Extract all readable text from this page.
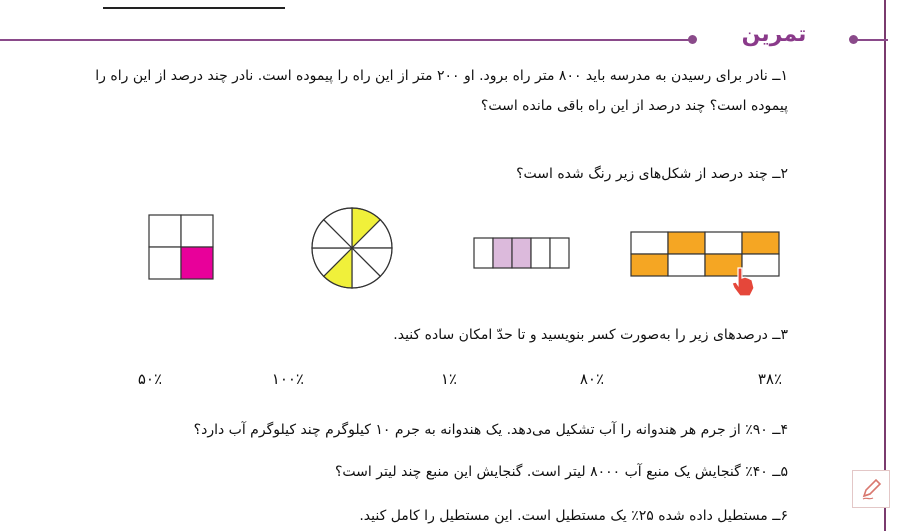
تمرین
۱ــ نادر برای رسیدن به مدرسه باید ۸۰۰ متر راه برود. او ۲۰۰ متر از این راه را پیموده است. نادر چند درصد از این راه را
پیموده است؟ چند درصد از این راه باقی مانده است؟
۲ــ چند درصد از شکل‌های زیر رنگ شده است؟
۳ــ درصدهای زیر را به‌صورت کسر بنویسید و تا حدّ امکان ساده کنید.
۳۸٪
۸۰٪
۱٪
۱۰۰٪
۵۰٪
۴ــ ۹۰٪ از جرم هر هندوانه را آب تشکیل می‌دهد. یک هندوانه به جرم ۱۰ کیلوگرم چند کیلوگرم آب دارد؟
۵ــ ۴۰٪ گنجایش یک منبع آب ۸۰۰۰ لیتر است. گنجایش این منبع چند لیتر است؟
۶ــ مستطیل داده شده ۲۵٪ یک مستطیل است. این مستطیل را کامل کنید.
